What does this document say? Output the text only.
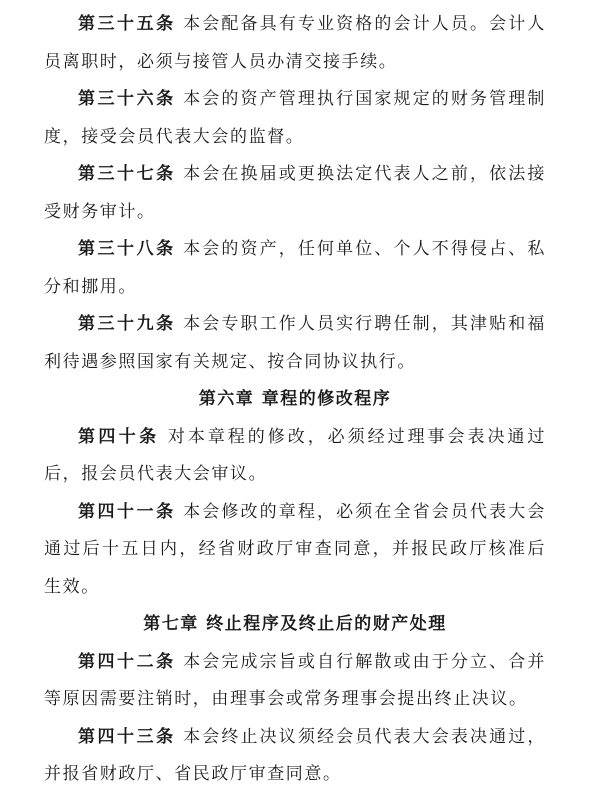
第三十五条 本会配备具有专业资格的会计人员。会计人员离职时，必须与接管人员办清交接手续。

第三十六条 本会的资产管理执行国家规定的财务管理制度，接受会员代表大会的监督。

第三十七条 本会在换届或更换法定代表人之前，依法接受财务审计。

第三十八条 本会的资产，任何单位、个人不得侵占、私分和挪用。

第三十九条 本会专职工作人员实行聘任制，其津贴和福利待遇参照国家有关规定、按合同协议执行。

第六章 章程的修改程序

第四十条 对本章程的修改，必须经过理事会表决通过后，报会员代表大会审议。

第四十一条 本会修改的章程，必须在全省会员代表大会通过后十五日内，经省财政厅审查同意，并报民政厅核准后生效。

第七章 终止程序及终止后的财产处理

第四十二条 本会完成宗旨或自行解散或由于分立、合并等原因需要注销时，由理事会或常务理事会提出终止决议。

第四十三条 本会终止决议须经会员代表大会表决通过，并报省财政厅、省民政厅审查同意。
